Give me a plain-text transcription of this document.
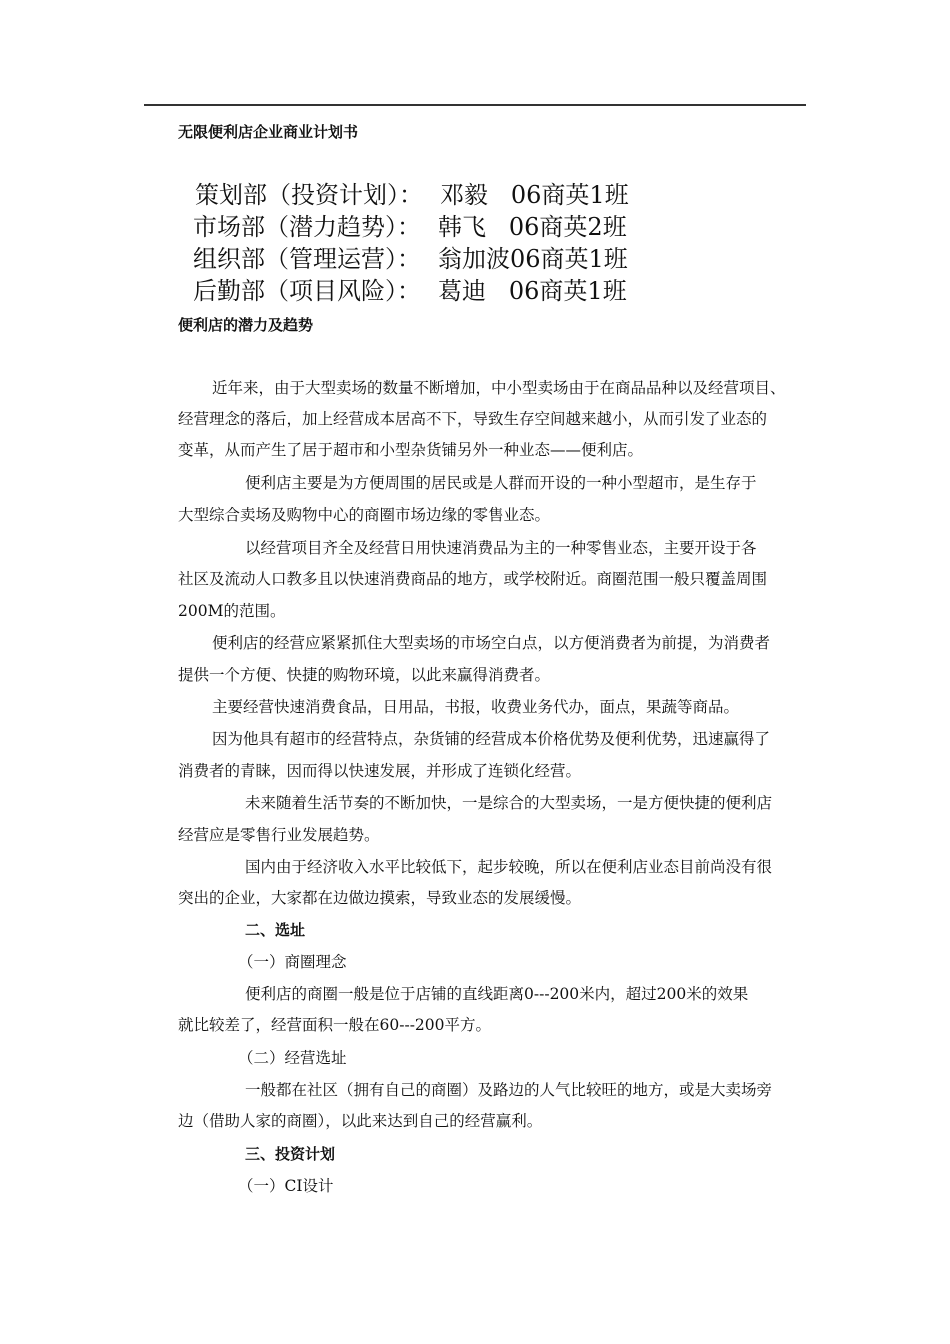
无限便利店企业商业计划书
策划部（投资计划）： 邓毅   06商英1班
市场部（潜力趋势）： 韩飞   06商英2班
组织部（管理运营）： 翁加波06商英1班
后勤部（项目风险）： 葛迪   06商英1班
便利店的潜力及趋势
近年来，由于大型卖场的数量不断增加，中小型卖场由于在商品品种以及经营项目、
经营理念的落后，加上经营成本居高不下，导致生存空间越来越小，从而引发了业态的
变革，从而产生了居于超市和小型杂货铺另外一种业态——便利店。
便利店主要是为方便周围的居民或是人群而开设的一种小型超市，是生存于
大型综合卖场及购物中心的商圈市场边缘的零售业态。
以经营项目齐全及经营日用快速消费品为主的一种零售业态，主要开设于各
社区及流动人口教多且以快速消费商品的地方，或学校附近。商圈范围一般只覆盖周围
200M的范围。
便利店的经营应紧紧抓住大型卖场的市场空白点，以方便消费者为前提，为消费者
提供一个方便、快捷的购物环境，以此来赢得消费者。
主要经营快速消费食品，日用品，书报，收费业务代办，面点，果蔬等商品。
因为他具有超市的经营特点，杂货铺的经营成本价格优势及便利优势，迅速赢得了
消费者的青睐，因而得以快速发展，并形成了连锁化经营。
未来随着生活节奏的不断加快，一是综合的大型卖场，一是方便快捷的便利店
经营应是零售行业发展趋势。
国内由于经济收入水平比较低下，起步较晚，所以在便利店业态目前尚没有很
突出的企业，大家都在边做边摸索，导致业态的发展缓慢。
二、选址
（一）商圈理念
便利店的商圈一般是位于店铺的直线距离0---200米内，超过200米的效果
就比较差了，经营面积一般在60---200平方。
（二）经营选址
一般都在社区（拥有自己的商圈）及路边的人气比较旺的地方，或是大卖场旁
边（借助人家的商圈），以此来达到自己的经营赢利。
三、投资计划
（一）CI设计
